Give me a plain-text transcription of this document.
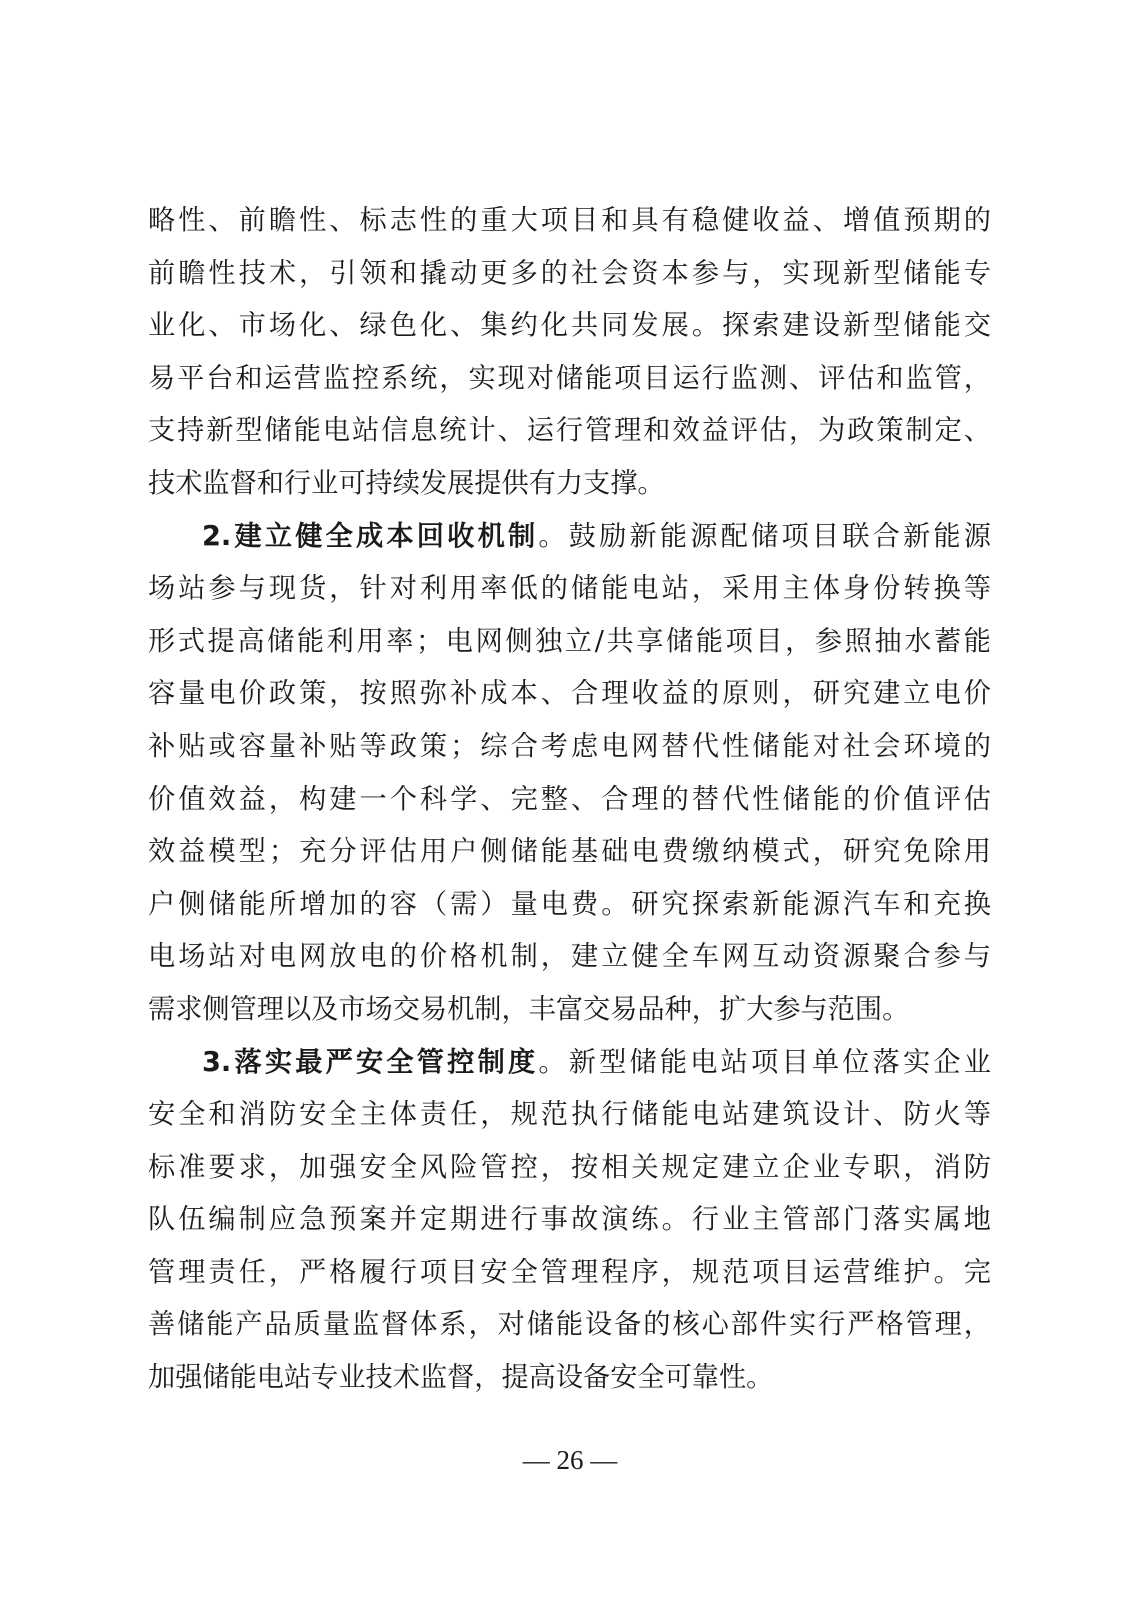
略性、前瞻性、标志性的重大项目和具有稳健收益、增值预期的
前瞻性技术，引领和撬动更多的社会资本参与，实现新型储能专
业化、市场化、绿色化、集约化共同发展。探索建设新型储能交
易平台和运营监控系统，实现对储能项目运行监测、评估和监管，
支持新型储能电站信息统计、运行管理和效益评估，为政策制定、
技术监督和行业可持续发展提供有力支撑。
2.建立健全成本回收机制。鼓励新能源配储项目联合新能源
场站参与现货，针对利用率低的储能电站，采用主体身份转换等
形式提高储能利用率；电网侧独立/共享储能项目，参照抽水蓄能
容量电价政策，按照弥补成本、合理收益的原则，研究建立电价
补贴或容量补贴等政策；综合考虑电网替代性储能对社会环境的
价值效益，构建一个科学、完整、合理的替代性储能的价值评估
效益模型；充分评估用户侧储能基础电费缴纳模式，研究免除用
户侧储能所增加的容（需）量电费。研究探索新能源汽车和充换
电场站对电网放电的价格机制，建立健全车网互动资源聚合参与
需求侧管理以及市场交易机制，丰富交易品种，扩大参与范围。
3.落实最严安全管控制度。新型储能电站项目单位落实企业
安全和消防安全主体责任，规范执行储能电站建筑设计、防火等
标准要求，加强安全风险管控，按相关规定建立企业专职，消防
队伍编制应急预案并定期进行事故演练。行业主管部门落实属地
管理责任，严格履行项目安全管理程序，规范项目运营维护。完
善储能产品质量监督体系，对储能设备的核心部件实行严格管理，
加强储能电站专业技术监督，提高设备安全可靠性。
— 26 —
